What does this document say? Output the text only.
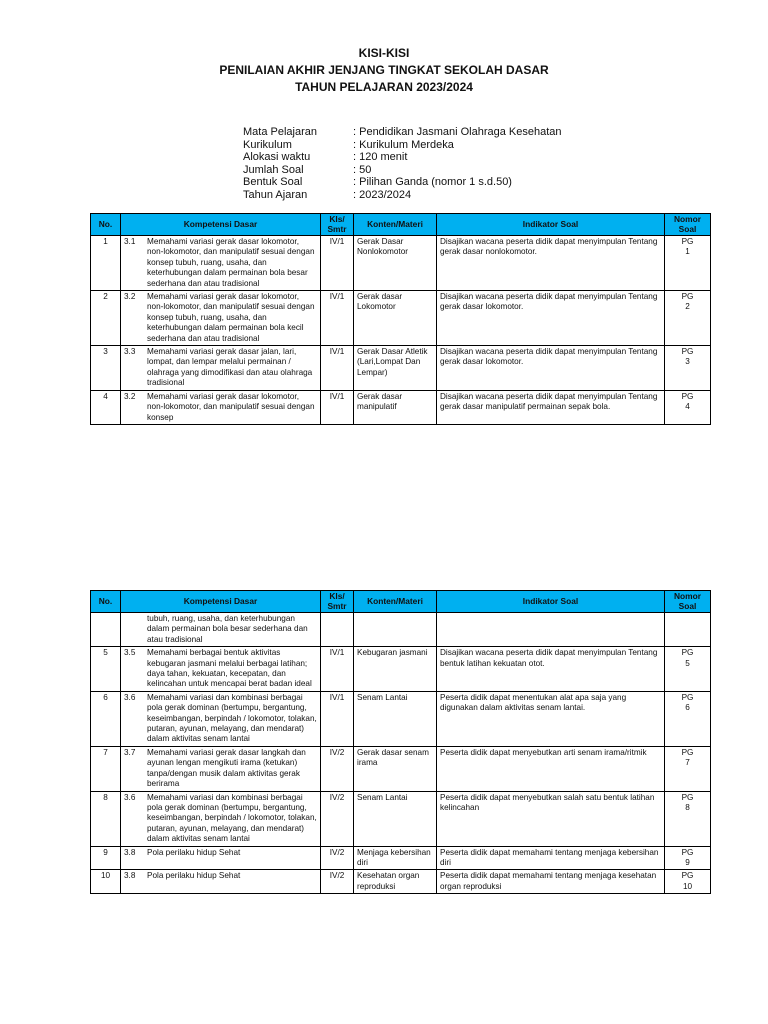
KISI-KISI
PENILAIAN AKHIR JENJANG TINGKAT SEKOLAH DASAR
TAHUN PELAJARAN 2023/2024
Mata Pelajaran	: Pendidikan Jasmani Olahraga Kesehatan
Kurikulum	: Kurikulum Merdeka
Alokasi waktu	: 120 menit
Jumlah Soal	: 50
Bentuk Soal	: Pilihan Ganda (nomor 1 s.d.50)
Tahun Ajaran	: 2023/2024
No.	Kompetensi Dasar	Kls/
Smtr	Konten/Materi	Indikator Soal	Nomor
Soal
1	3.1 Memahami variasi gerak dasar lokomotor, non-lokomotor, dan manipulatif sesuai dengan konsep tubuh, ruang, usaha, dan keterhubungan dalam permainan bola besar sederhana dan atau tradisional	IV/1	Gerak Dasar Nonlokomotor	Disajikan wacana peserta didik dapat menyimpulan Tentang gerak dasar nonlokomotor.	PG
1
2	3.2 Memahami variasi gerak dasar lokomotor, non-lokomotor, dan manipulatif sesuai dengan konsep tubuh, ruang, usaha, dan keterhubungan dalam permainan bola kecil sederhana dan atau tradisional	IV/1	Gerak dasar Lokomotor	Disajikan wacana peserta didik dapat menyimpulan Tentang gerak dasar lokomotor.	PG
2
3	3.3 Memahami variasi gerak dasar jalan, lari, lompat, dan lempar melalui permainan / olahraga yang dimodifikasi dan atau olahraga tradisional	IV/1	Gerak Dasar Atletik (Lari,Lompat Dan Lempar)	Disajikan wacana peserta didik dapat menyimpulan Tentang gerak dasar lokomotor.	PG
3
4	3.2 Memahami variasi gerak dasar lokomotor, non-lokomotor, dan manipulatif sesuai dengan konsep	IV/1	Gerak dasar manipulatif	Disajikan wacana peserta didik dapat menyimpulan Tentang gerak dasar manipulatif permainan sepak bola.	PG
4
No.	Kompetensi Dasar	Kls/
Smtr	Konten/Materi	Indikator Soal	Nomor
Soal

	tubuh, ruang, usaha, dan keterhubungan dalam permainan bola besar sederhana dan atau tradisional				

5	3.5 Memahami berbagai bentuk aktivitas kebugaran jasmani melalui berbagai latihan; daya tahan, kekuatan, kecepatan, dan kelincahan untuk mencapai berat badan ideal	IV/1	Kebugaran jasmani	Disajikan wacana peserta didik dapat menyimpulan Tentang bentuk latihan kekuatan otot.	PG
5
6	3.6 Memahami variasi dan kombinasi berbagai pola gerak dominan (bertumpu, bergantung, keseimbangan, berpindah / lokomotor, tolakan, putaran, ayunan, melayang, dan mendarat) dalam aktivitas senam lantai	IV/1	Senam Lantai	Peserta didik dapat menentukan alat apa saja yang digunakan dalam aktivitas senam lantai.	PG
6
7	3.7 Memahami variasi gerak dasar langkah dan ayunan lengan mengikuti irama (ketukan) tanpa/dengan musik dalam aktivitas gerak berirama	IV/2	Gerak dasar senam irama	Peserta didik dapat menyebutkan arti senam irama/ritmik	PG
7
8	3.6 Memahami variasi dan kombinasi berbagai pola gerak dominan (bertumpu, bergantung, keseimbangan, berpindah / lokomotor, tolakan, putaran, ayunan, melayang, dan mendarat) dalam aktivitas senam lantai	IV/2	Senam Lantai	Peserta didik dapat menyebutkan salah satu bentuk latihan kelincahan	PG
8
9	3.8 Pola perilaku hidup Sehat	IV/2	Menjaga kebersihan diri	Peserta didik dapat memahami tentang menjaga kebersihan diri	PG
9
10	3.8 Pola perilaku hidup Sehat	IV/2	Kesehatan organ reproduksi	Peserta didik dapat memahami tentang menjaga kesehatan organ reproduksi	PG
10
